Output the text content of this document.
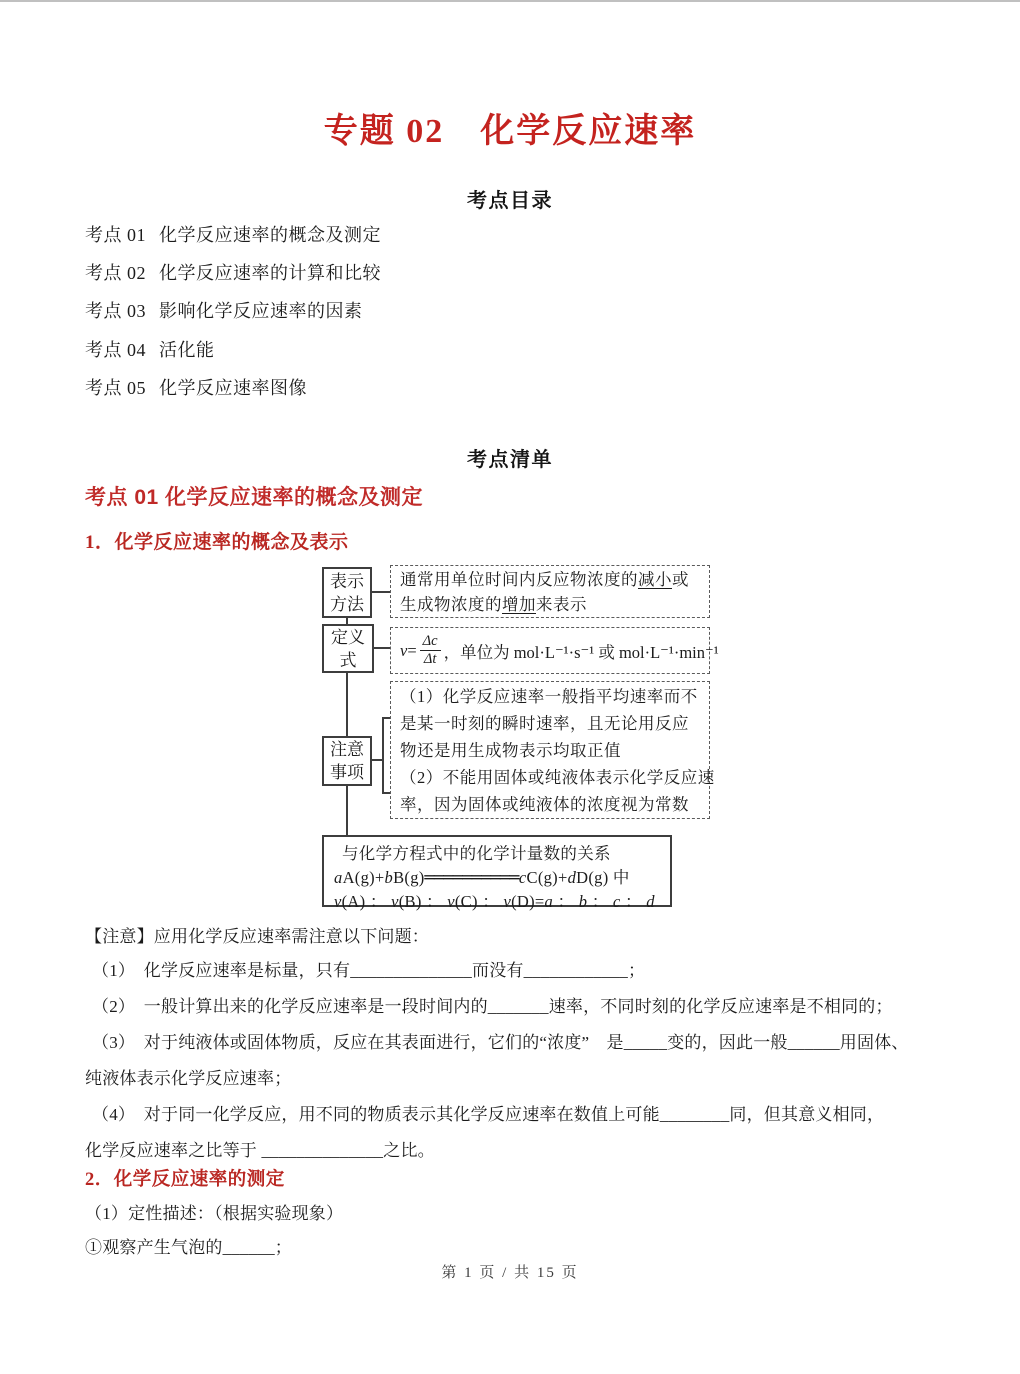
专题 02　化学反应速率
考点目录
考点 01 化学反应速率的概念及测定
考点 02 化学反应速率的计算和比较
考点 03 影响化学反应速率的因素
考点 04 活化能
考点 05 化学反应速率图像
考点清单
考点 01 化学反应速率的概念及测定
1．化学反应速率的概念及表示
表示
方法
通常用单位时间内反应物浓度的减小或
生成物浓度的增加来表示
定义
式
$v = \frac{\Delta c}{\Delta t}$ ，单位为 mol·L⁻¹·s⁻¹ 或 mol·L⁻¹·min⁻¹
注意
事项
（1）化学反应速率一般指平均速率而不
是某一时刻的瞬时速率，且无论用反应
物还是用生成物表示均取正值
（2）不能用固体或纯液体表示化学反应速
率，因为固体或纯液体的浓度视为常数
与化学方程式中的化学计量数的关系
aA(g)+bB(g)══════════cC(g)+dD(g) 中
v(A) ： v(B) ： v(C) ： v(D)=a ： b ： c ： d
【注意】应用化学反应速率需注意以下问题：
（1）　化学反应速率是标量，只有______________而没有____________；
（2）　一般计算出来的化学反应速率是一段时间内的_______速率，不同时刻的化学反应速率是不相同的；
（3）　对于纯液体或固体物质，反应在其表面进行，它们的“浓度”　是_____变的，因此一般______用固体、
纯液体表示化学反应速率；
（4）　对于同一化学反应，用不同的物质表示其化学反应速率在数值上可能________同，但其意义相同，
化学反应速率之比等于 ______________之比。
2．化学反应速率的测定
（1）定性描述：（根据实验现象）
①观察产生气泡的______；
第 1 页 / 共 15 页
